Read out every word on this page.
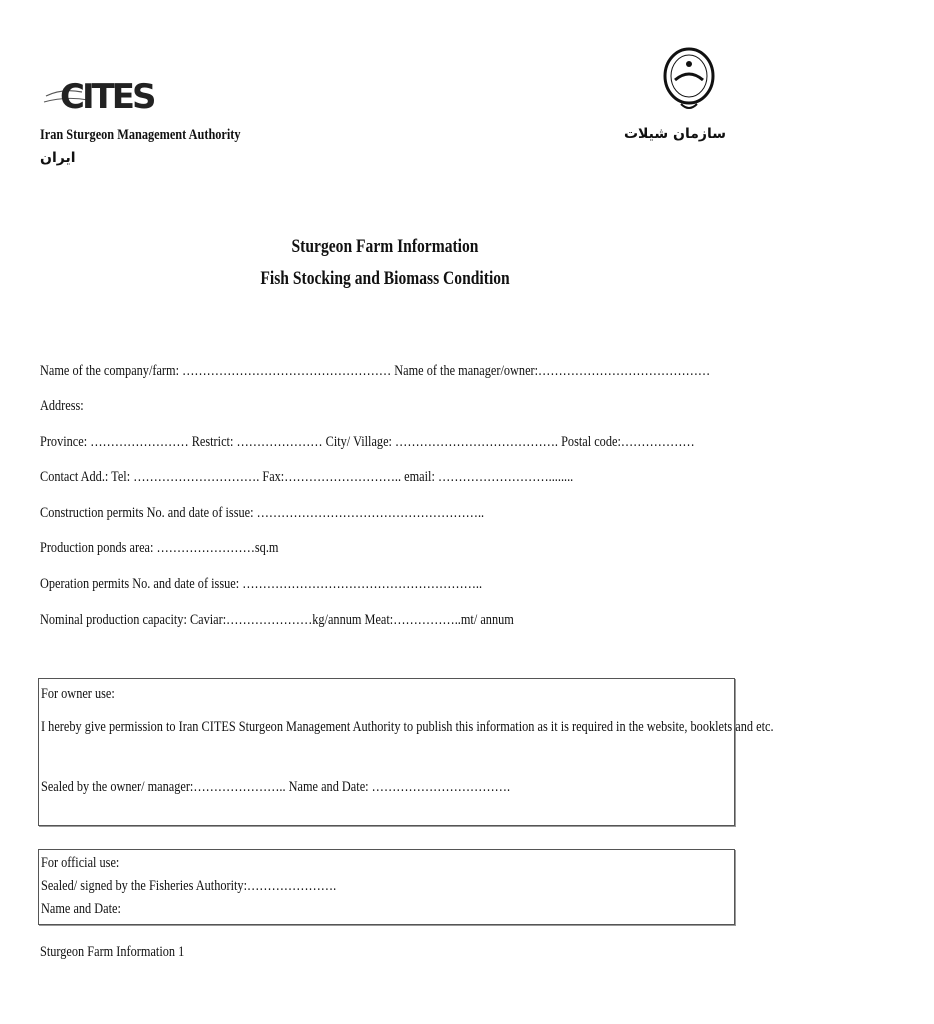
CITES
Iran Sturgeon Management Authority
ایران
سازمان شیلات
Sturgeon Farm Information
Fish Stocking and Biomass Condition
Name of the company/farm: …………………………………………… Name of the manager/owner:……………………………………
Address:
Province: …………………… Restrict: ………………… City/ Village: …………………………………. Postal code:………………
Contact Add.: Tel: …………………………. Fax:……………………….. email: ………………………........
Construction permits No. and date of issue: ………………………………………………..
Production ponds area: ……………………sq.m
Operation permits No. and date of issue: …………………………………………………..
Nominal production capacity: Caviar:…………………kg/annum Meat:……………..mt/ annum
For owner use:
I hereby give permission to Iran CITES Sturgeon Management Authority to publish this information as it is required in the website, booklets and etc.
Sealed by the owner/ manager:………………….. Name and Date: …………………………….
For official use:
Sealed/ signed by the Fisheries Authority:………………….
Name and Date:
Sturgeon Farm Information 1
